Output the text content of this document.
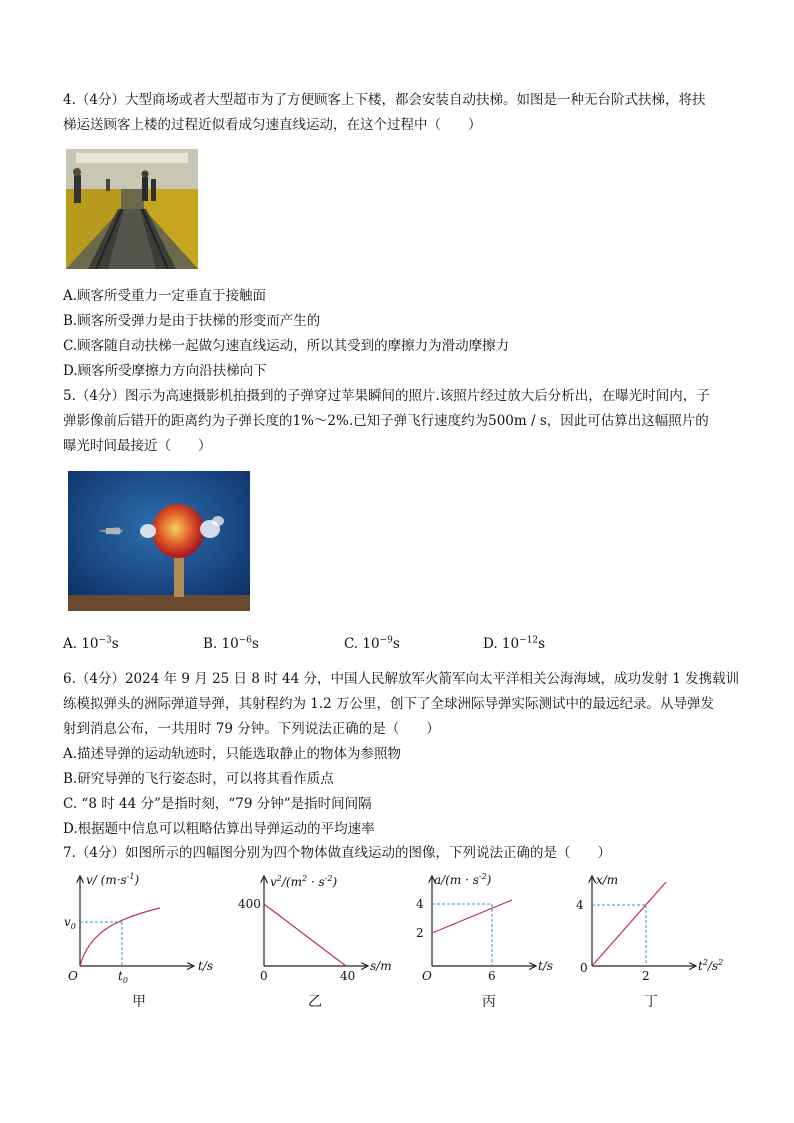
4.（4分）大型商场或者大型超市为了方便顾客上下楼，都会安装自动扶梯。如图是一种无台阶式扶梯，将扶
梯运送顾客上楼的过程近似看成匀速直线运动，在这个过程中（　　）
A.顾客所受重力一定垂直于接触面
B.顾客所受弹力是由于扶梯的形变而产生的
C.顾客随自动扶梯一起做匀速直线运动，所以其受到的摩擦力为滑动摩擦力
D.顾客所受摩擦力方向沿扶梯向下
5.（4分）图示为高速摄影机拍摄到的子弹穿过苹果瞬间的照片.该照片经过放大后分析出，在曝光时间内，子
弹影像前后错开的距离约为子弹长度的1%～2%.已知子弹飞行速度约为500m / s，因此可估算出这幅照片的
曝光时间最接近（　　）
A. $10^{-3}s$	B. $10^{-6}s$	C. $10^{-9}s$	D. $10^{-12}s$
6.（4分）2024 年 9 月 25 日 8 时 44 分，中国人民解放军火箭军向太平洋相关公海海域，成功发射 1 发携载训
练模拟弹头的洲际弹道导弹，其射程约为 1.2 万公里，创下了全球洲际导弹实际测试中的最远纪录。从导弹发
射到消息公布，一共用时 79 分钟。下列说法正确的是（　　）
A.描述导弹的运动轨迹时，只能选取静止的物体为参照物
B.研究导弹的飞行姿态时，可以将其看作质点
C. “8 时 44 分”是指时刻，“79 分钟”是指时间间隔
D.根据题中信息可以粗略估算出导弹运动的平均速率
7.（4分）如图所示的四幅图分别为四个物体做直线运动的图像，下列说法正确的是（　　）
v/ $(m\cdot s^{-1})$
t/s
O
$v_0$
$t_0$
甲
$v^2/(m^2 \cdot s^{-2})$
400
0	40
s/m
乙
$a/(m \cdot s^{-2})$
4
2
O	6
t/s
丙
x/m
4
0
2
$t^2/s^2$
丁
